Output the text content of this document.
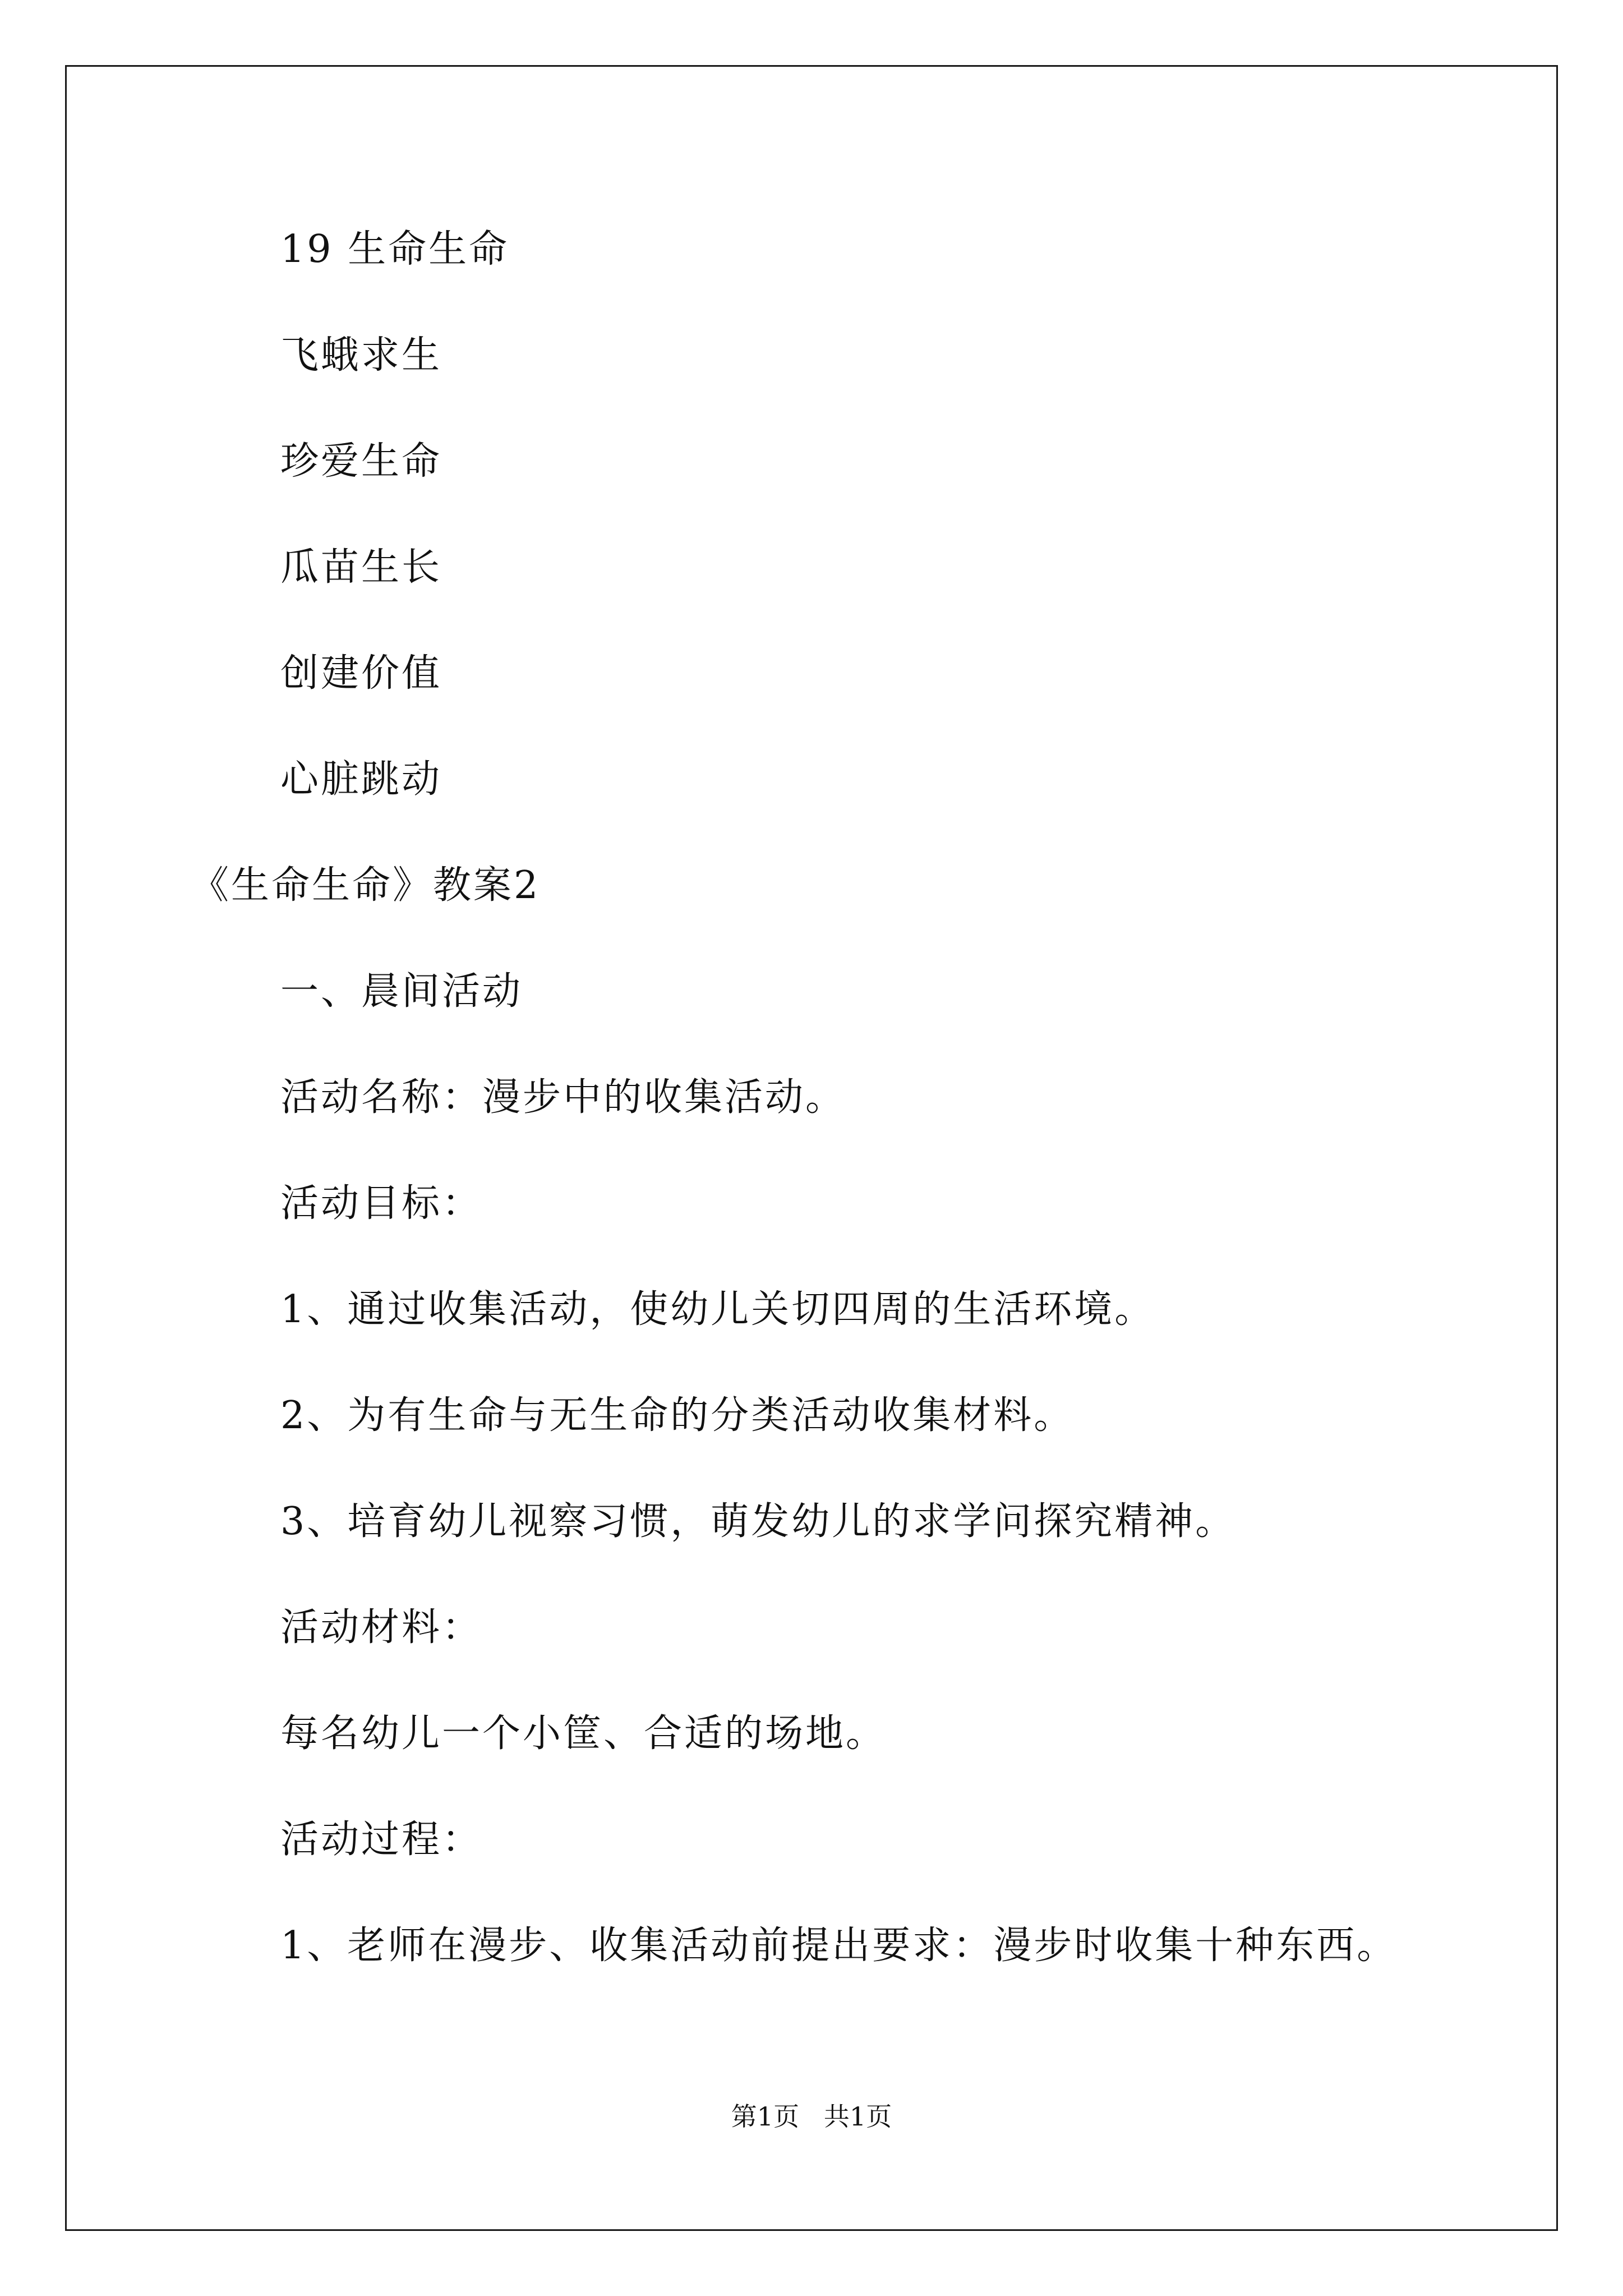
19 生命生命
飞蛾求生
珍爱生命
瓜苗生长
创建价值
心脏跳动
《生命生命》教案2
一、晨间活动
活动名称：漫步中的收集活动。
活动目标：
1、通过收集活动，使幼儿关切四周的生活环境。
2、为有生命与无生命的分类活动收集材料。
3、培育幼儿视察习惯，萌发幼儿的求学问探究精神。
活动材料：
每名幼儿一个小筐、合适的场地。
活动过程：
1、老师在漫步、收集活动前提出要求：漫步时收集十种东西。
第1页   共1页
